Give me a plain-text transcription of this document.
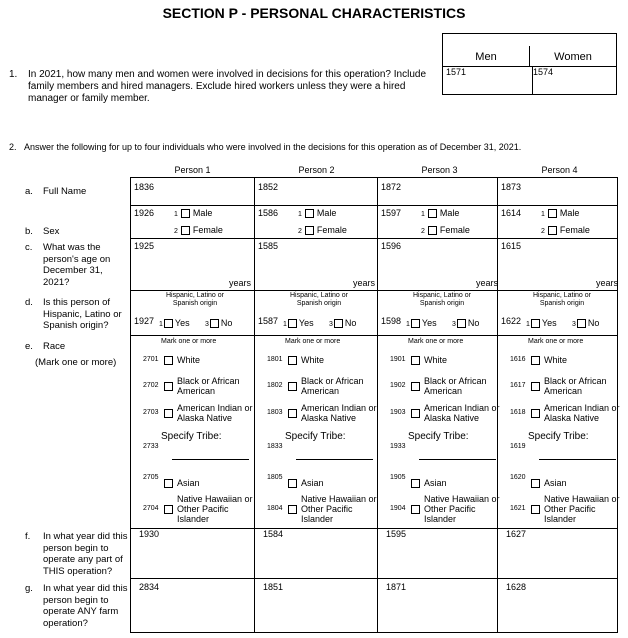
SECTION P - PERSONAL CHARACTERISTICS
1. In 2021, how many men and women were involved in decisions for this operation? Include family members and hired managers. Exclude hired workers unless they were a hired manager or family member.
Men	Women
1571	1574
2. Answer the following for up to four individuals who were involved in the decisions for this operation as of December 31, 2021.
a. Full Name
b. Sex
c. What was the person's age on December 31, 2021?
d. Is this person of Hispanic, Latino or Spanish origin?
e. Race
f. In what year did this person begin to operate any part of THIS operation?
g. In what year did this person begin to operate ANY farm operation?
(Mark one or more)
Person 1
1836
1926
1925
years
1927
1930
2834
1 Male
2 Female
Hispanic, Latino or Spanish origin
1 Yes 3 No
Mark one or more
2701 White
2702 Black or African American
2703 American Indian or Alaska Native
2705
Asian
2704
Native Hawaiian or Other Pacific Islander
Specify Tribe:
2733
Person 2
1852
1586
1585
years
1587
1584
1851
1 Male
2 Female
Hispanic, Latino or Spanish origin
1 Yes 3 No
Mark one or more
1801 White
1802 Black or African American
1803 American Indian or Alaska Native
1805
Asian
1804
Native Hawaiian or Other Pacific Islander
Specify Tribe:
1833
Person 3
1872
1597
1596
years
1598
1595
1871
1 Male
2 Female
Hispanic, Latino or Spanish origin
1 Yes 3 No
Mark one or more
1901 White
1902 Black or African American
1903 American Indian or Alaska Native
1905
Asian
1904
Native Hawaiian or Other Pacific Islander
Specify Tribe:
1933
Person 4
1873
1614
1615
years
1622
1627
1628
1 Male
2 Female
Hispanic, Latino or Spanish origin
1 Yes 3 No
Mark one or more
1616 White
1617 Black or African American
1618 American Indian or Alaska Native
1620
Asian
1621
Native Hawaiian or Other Pacific Islander
Specify Tribe:
1619
